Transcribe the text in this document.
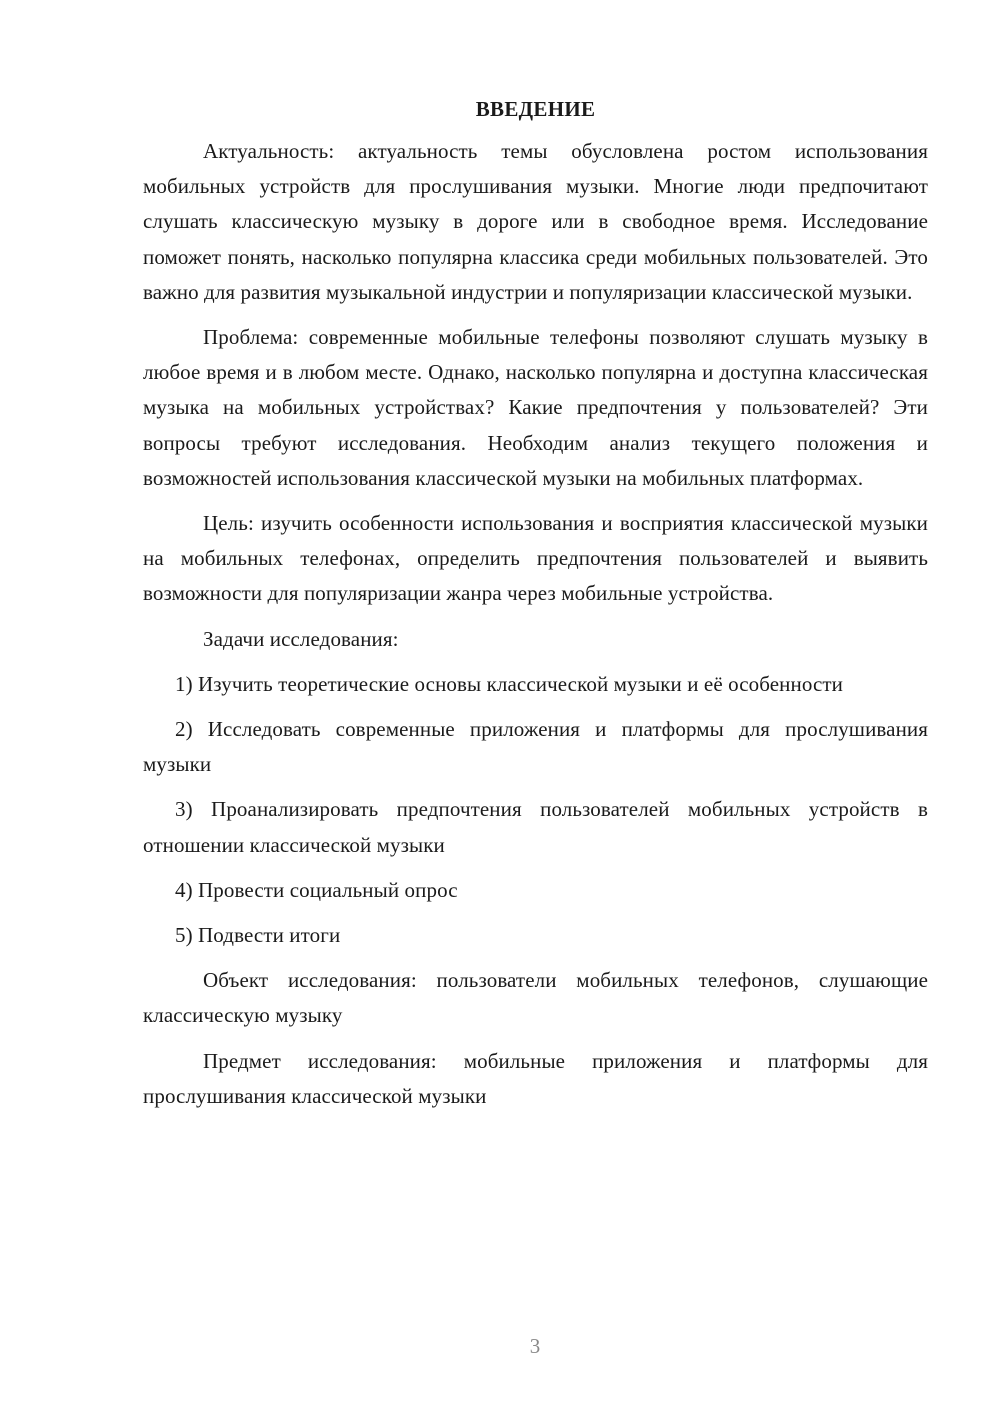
ВВЕДЕНИЕ

Актуальность: актуальность темы обусловлена ростом использования мобильных устройств для прослушивания музыки. Многие люди предпочитают слушать классическую музыку в дороге или в свободное время. Исследование поможет понять, насколько популярна классика среди мобильных пользователей. Это важно для развития музыкальной индустрии и популяризации классической музыки.

Проблема: современные мобильные телефоны позволяют слушать музыку в любое время и в любом месте. Однако, насколько популярна и доступна классическая музыка на мобильных устройствах? Какие предпочтения у пользователей? Эти вопросы требуют исследования. Необходим анализ текущего положения и возможностей использования классической музыки на мобильных платформах.

Цель: изучить особенности использования и восприятия классической музыки на мобильных телефонах, определить предпочтения пользователей и выявить возможности для популяризации жанра через мобильные устройства.

Задачи исследования:

1) Изучить теоретические основы классической музыки и её особенности

2) Исследовать современные приложения и платформы для прослушивания музыки

3) Проанализировать предпочтения пользователей мобильных устройств в отношении классической музыки

4) Провести социальный опрос

5) Подвести итоги

Объект исследования: пользователи мобильных телефонов, слушающие классическую музыку

Предмет исследования: мобильные приложения и платформы для прослушивания классической музыки

3
